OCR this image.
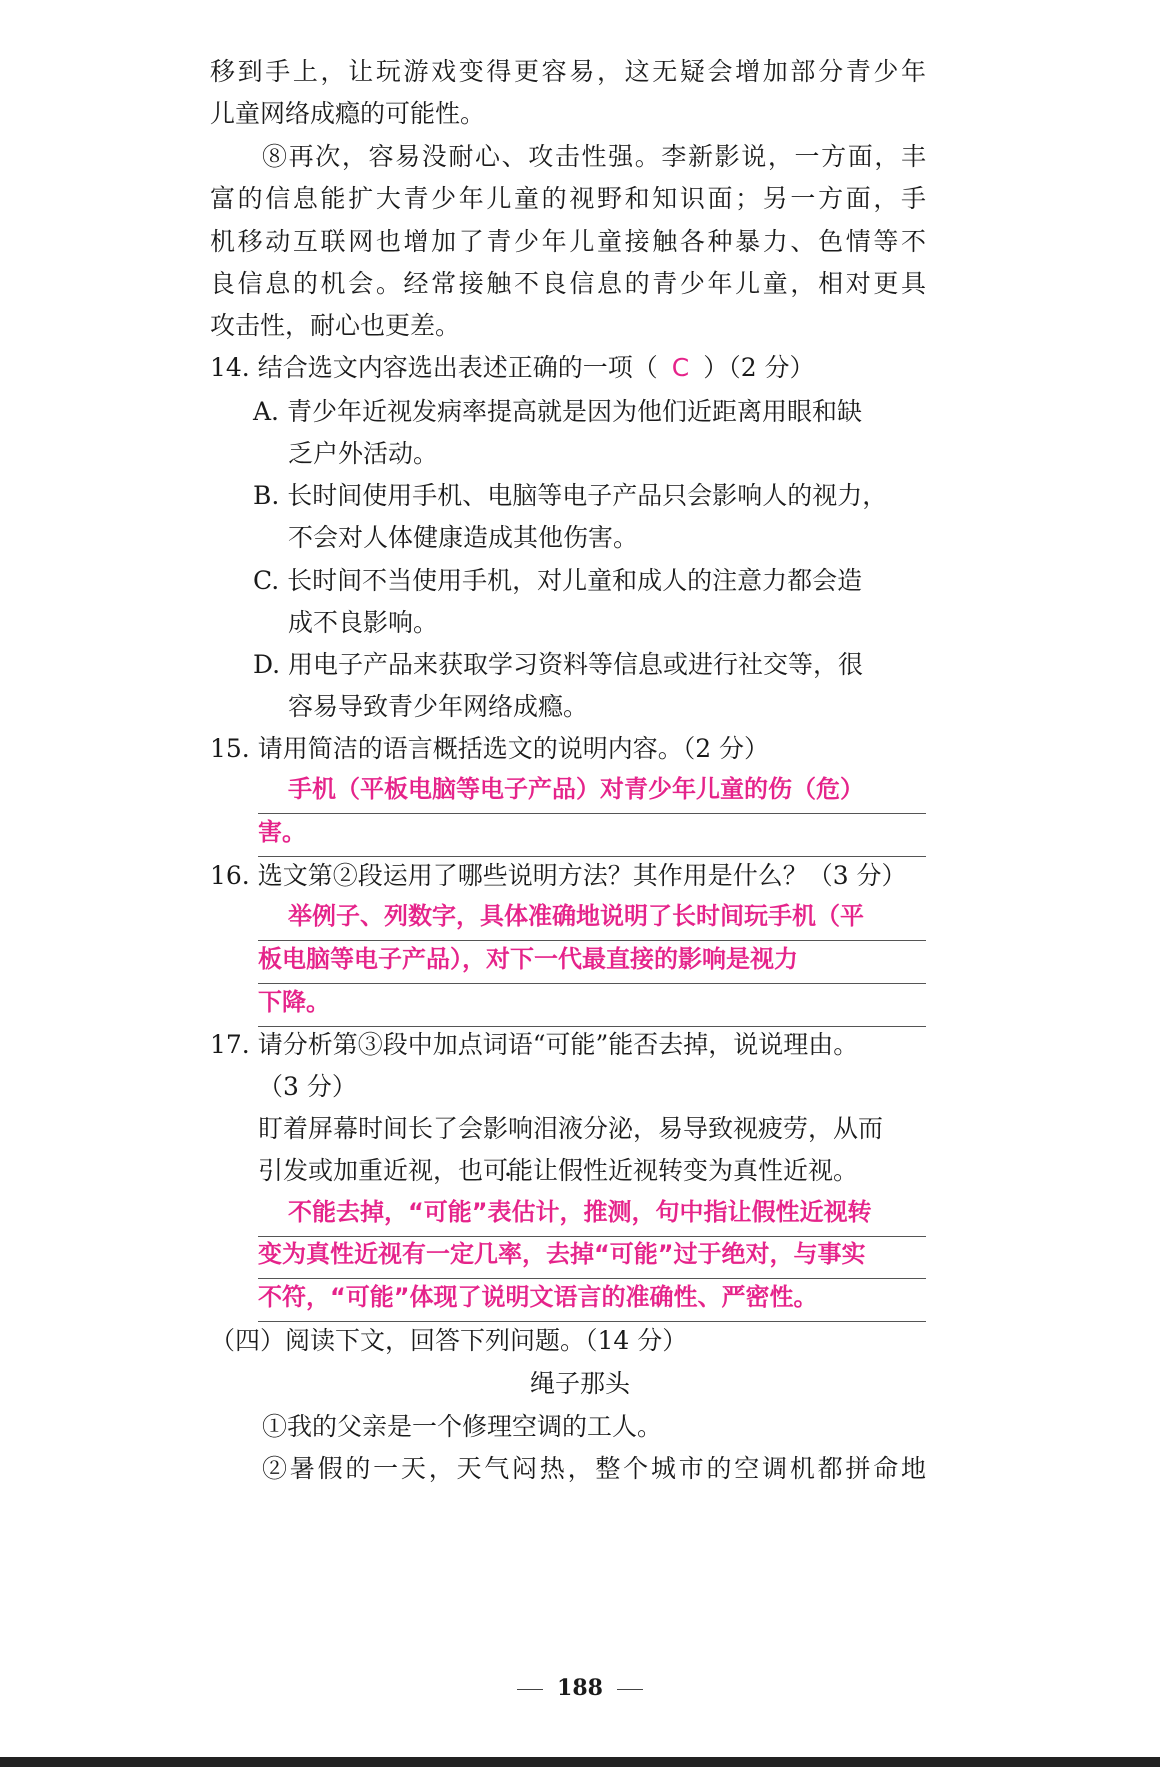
移到手上，让玩游戏变得更容易，这无疑会增加部分青少年
儿童网络成瘾的可能性。
⑧再次，容易没耐心、攻击性强。李新影说，一方面，丰
富的信息能扩大青少年儿童的视野和知识面；另一方面，手
机移动互联网也增加了青少年儿童接触各种暴力、色情等不
良信息的机会。经常接触不良信息的青少年儿童，相对更具
攻击性，耐心也更差。
14. 结合选文内容选出表述正确的一项（ C ）（2 分）
A. 青少年近视发病率提高就是因为他们近距离用眼和缺
乏户外活动。
B. 长时间使用手机、电脑等电子产品只会影响人的视力，
不会对人体健康造成其他伤害。
C. 长时间不当使用手机，对儿童和成人的注意力都会造
成不良影响。
D. 用电子产品来获取学习资料等信息或进行社交等，很
容易导致青少年网络成瘾。
15. 请用简洁的语言概括选文的说明内容。（2 分）
手机（平板电脑等电子产品）对青少年儿童的伤（危）
害。
16. 选文第②段运用了哪些说明方法？其作用是什么？（3 分）
举例子、列数字，具体准确地说明了长时间玩手机（平
板电脑等电子产品），对下一代最直接的影响是视力
下降。
17. 请分析第③段中加点词语“可能”能否去掉，说说理由。
（3 分）
盯着屏幕时间长了会影响泪液分泌，易导致视疲劳，从而
引发或加重近视，也可能 •让假性近视转变为真性近视。
不能去掉，“可能”表估计，推测，句中指让假性近视转
变为真性近视有一定几率，去掉“可能”过于绝对，与事实
不符，“可能”体现了说明文语言的准确性、严密性。
（四）阅读下文，回答下列问题。（14 分）
绳子那头
①我的父亲是一个修理空调的工人。
②暑假的一天，天气闷热，整个城市的空调机都拼命地
188
